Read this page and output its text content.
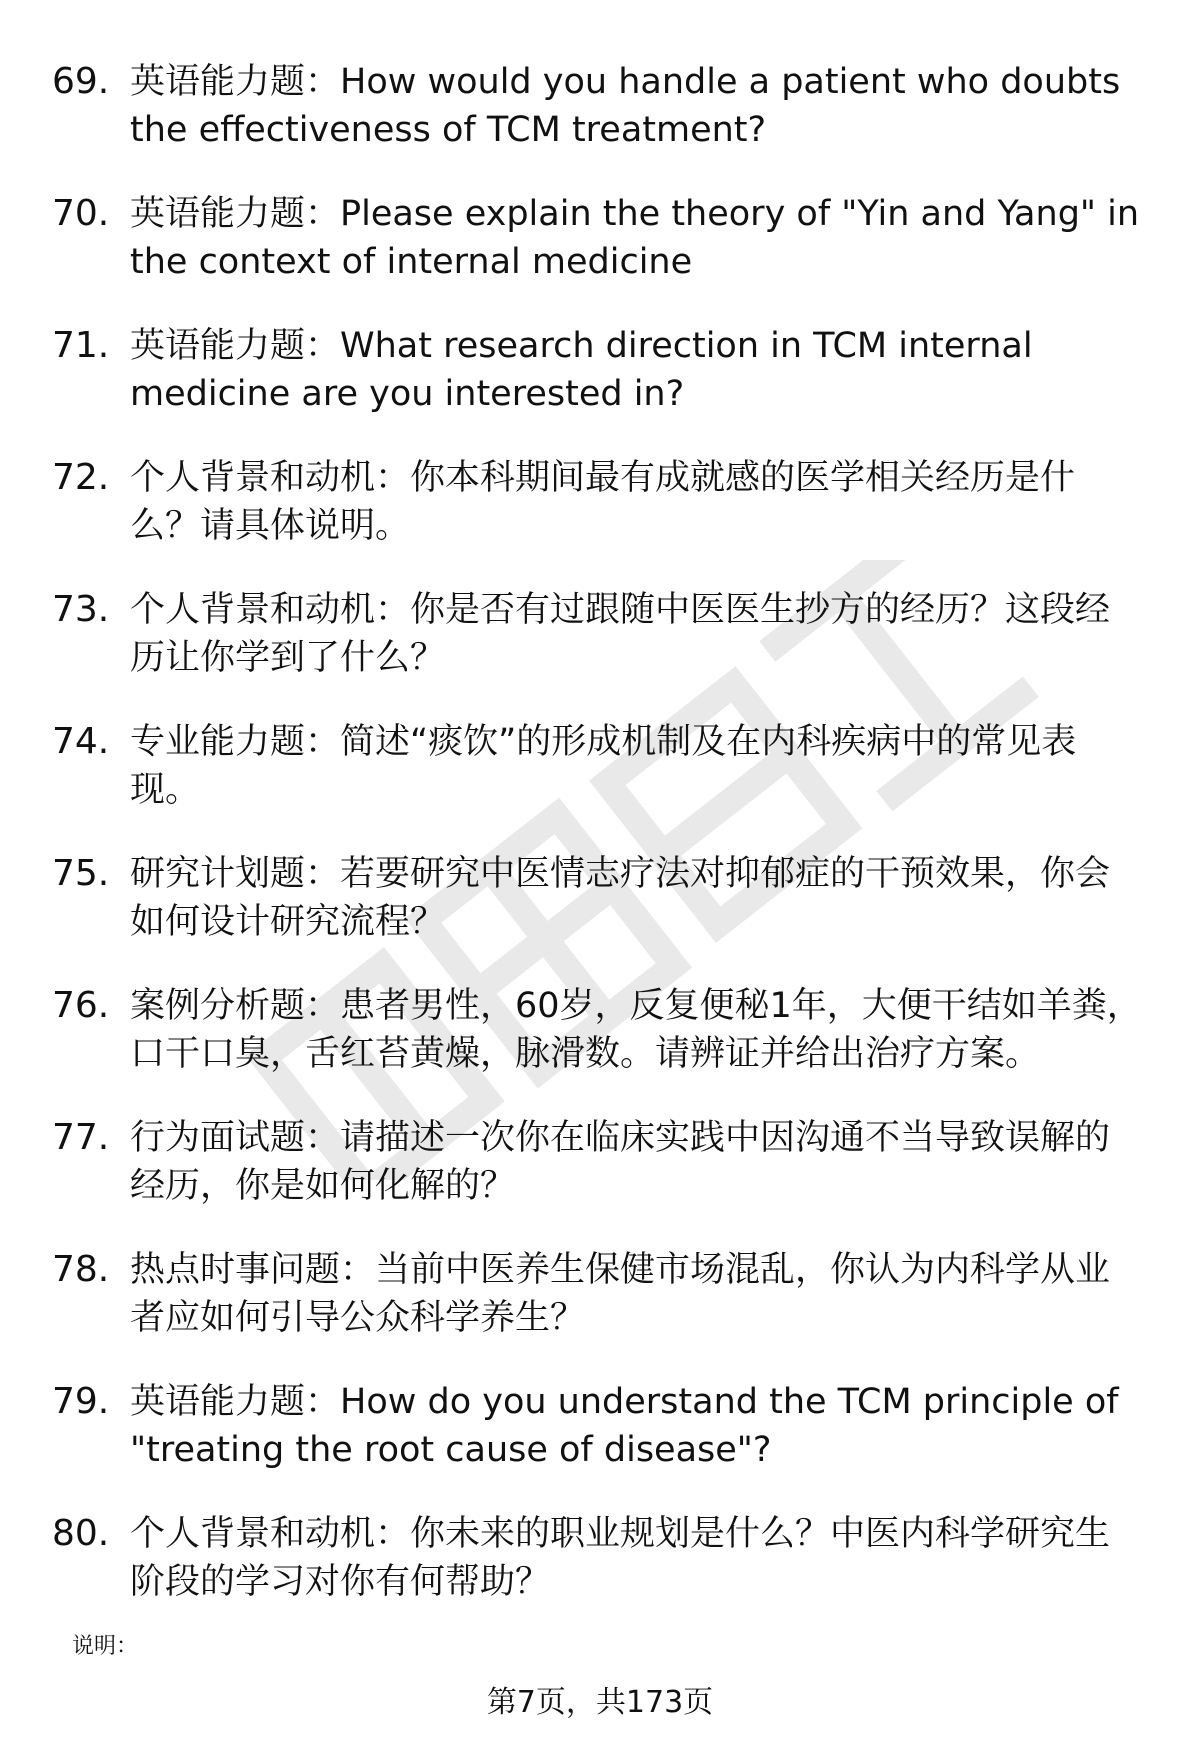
69. 英语能力题：How would you handle a patient who doubts the effectiveness of TCM treatment?
70. 英语能力题：Please explain the theory of "Yin and Yang" in the context of internal medicine
71. 英语能力题：What research direction in TCM internal medicine are you interested in?
72. 个人背景和动机：你本科期间最有成就感的医学相关经历是什么？请具体说明。
73. 个人背景和动机：你是否有过跟随中医医生抄方的经历？这段经历让你学到了什么？
74. 专业能力题：简述“痰饮”的形成机制及在内科疾病中的常见表现。
75. 研究计划题：若要研究中医情志疗法对抑郁症的干预效果，你会如何设计研究流程？
76. 案例分析题：患者男性，60岁，反复便秘1年，大便干结如羊粪，口干口臭，舌红苔黄燥，脉滑数。请辨证并给出治疗方案。
77. 行为面试题：请描述一次你在临床实践中因沟通不当导致误解的经历，你是如何化解的？
78. 热点时事问题：当前中医养生保健市场混乱，你认为内科学从业者应如何引导公众科学养生？
79. 英语能力题：How do you understand the TCM principle of "treating the root cause of disease"?
80. 个人背景和动机：你未来的职业规划是什么？中医内科学研究生阶段的学习对你有何帮助？
说明：
第7页，共173页
